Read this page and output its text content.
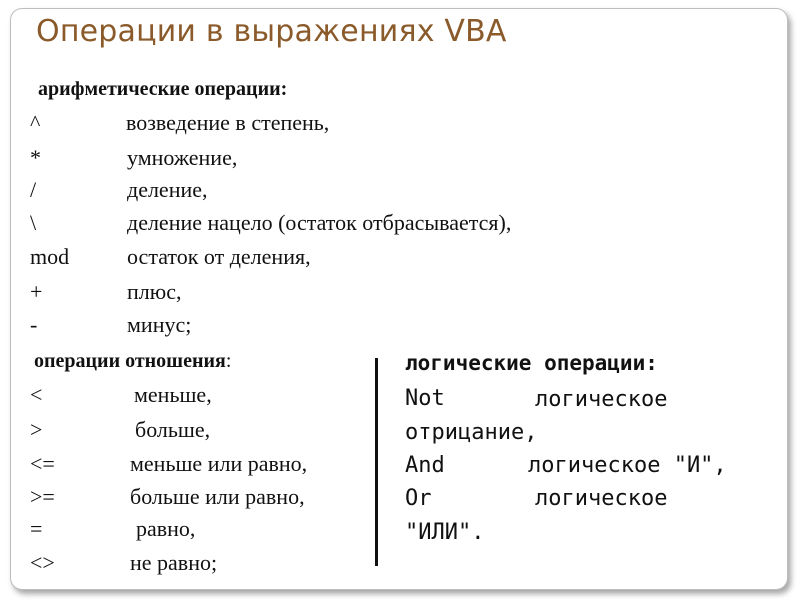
Операции в выражениях VBA
арифметические операции:
^	возведение в степень,
*	умножение,
/	деление,
\	деление нацело (остаток отбрасывается),
mod	остаток от деления,
+	плюс,
-	минус;
операции отношения:
<	меньше,
>	больше,
<=	меньше или равно,
>=	больше или равно,
=	равно,
<>	не равно;
логические операции:
Not	логическое
отрицание,
And	логическое "И",
Or	логическое
"ИЛИ".
